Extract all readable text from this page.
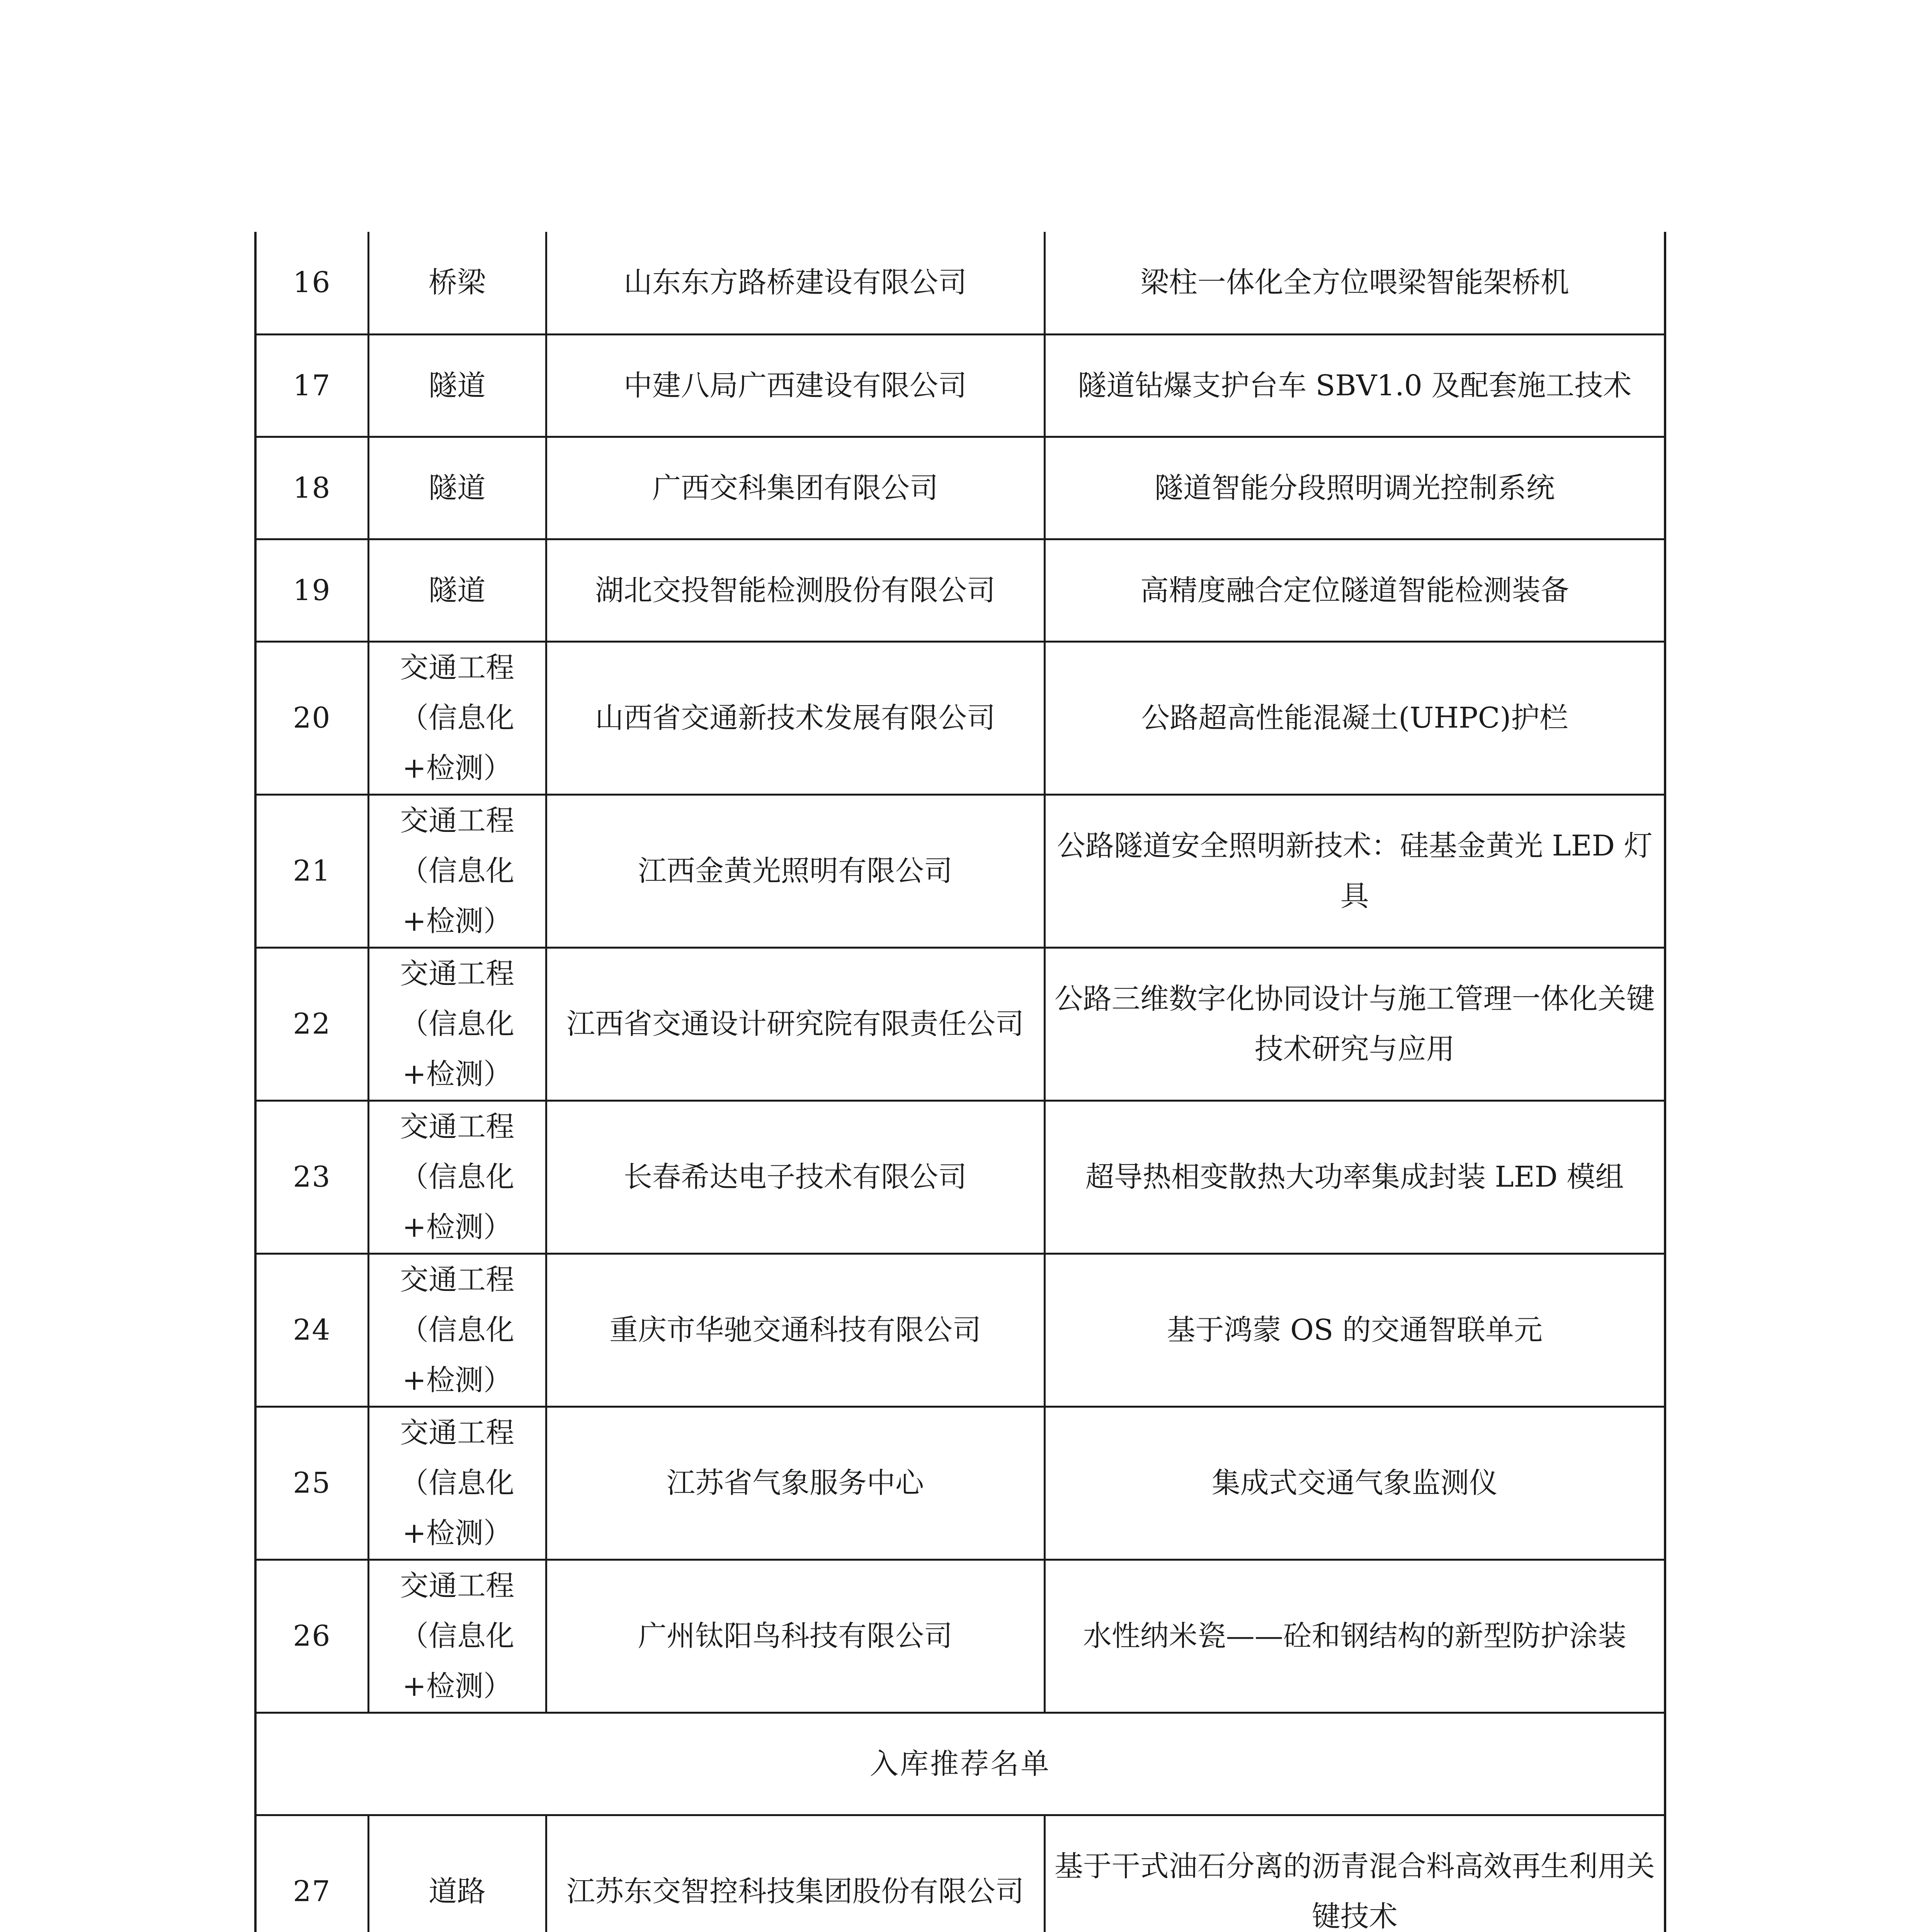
16	桥梁	山东东方路桥建设有限公司	梁柱一体化全方位喂梁智能架桥机
17	隧道	中建八局广西建设有限公司	隧道钻爆支护台车 SBV1.0 及配套施工技术
18	隧道	广西交科集团有限公司	隧道智能分段照明调光控制系统
19	隧道	湖北交投智能检测股份有限公司	高精度融合定位隧道智能检测装备
20	交通工程（信息化+检测）	山西省交通新技术发展有限公司	公路超高性能混凝土(UHPC)护栏
21	交通工程（信息化+检测）	江西金黄光照明有限公司	公路隧道安全照明新技术：硅基金黄光 LED 灯具
22	交通工程（信息化+检测）	江西省交通设计研究院有限责任公司	公路三维数字化协同设计与施工管理一体化关键技术研究与应用
23	交通工程（信息化+检测）	长春希达电子技术有限公司	超导热相变散热大功率集成封装 LED 模组
24	交通工程（信息化+检测）	重庆市华驰交通科技有限公司	基于鸿蒙 OS 的交通智联单元
25	交通工程（信息化+检测）	江苏省气象服务中心	集成式交通气象监测仪
26	交通工程（信息化+检测）	广州钛阳鸟科技有限公司	水性纳米瓷——砼和钢结构的新型防护涂装
入库推荐名单			
27	道路	江苏东交智控科技集团股份有限公司	基于干式油石分离的沥青混合料高效再生利用关键技术
